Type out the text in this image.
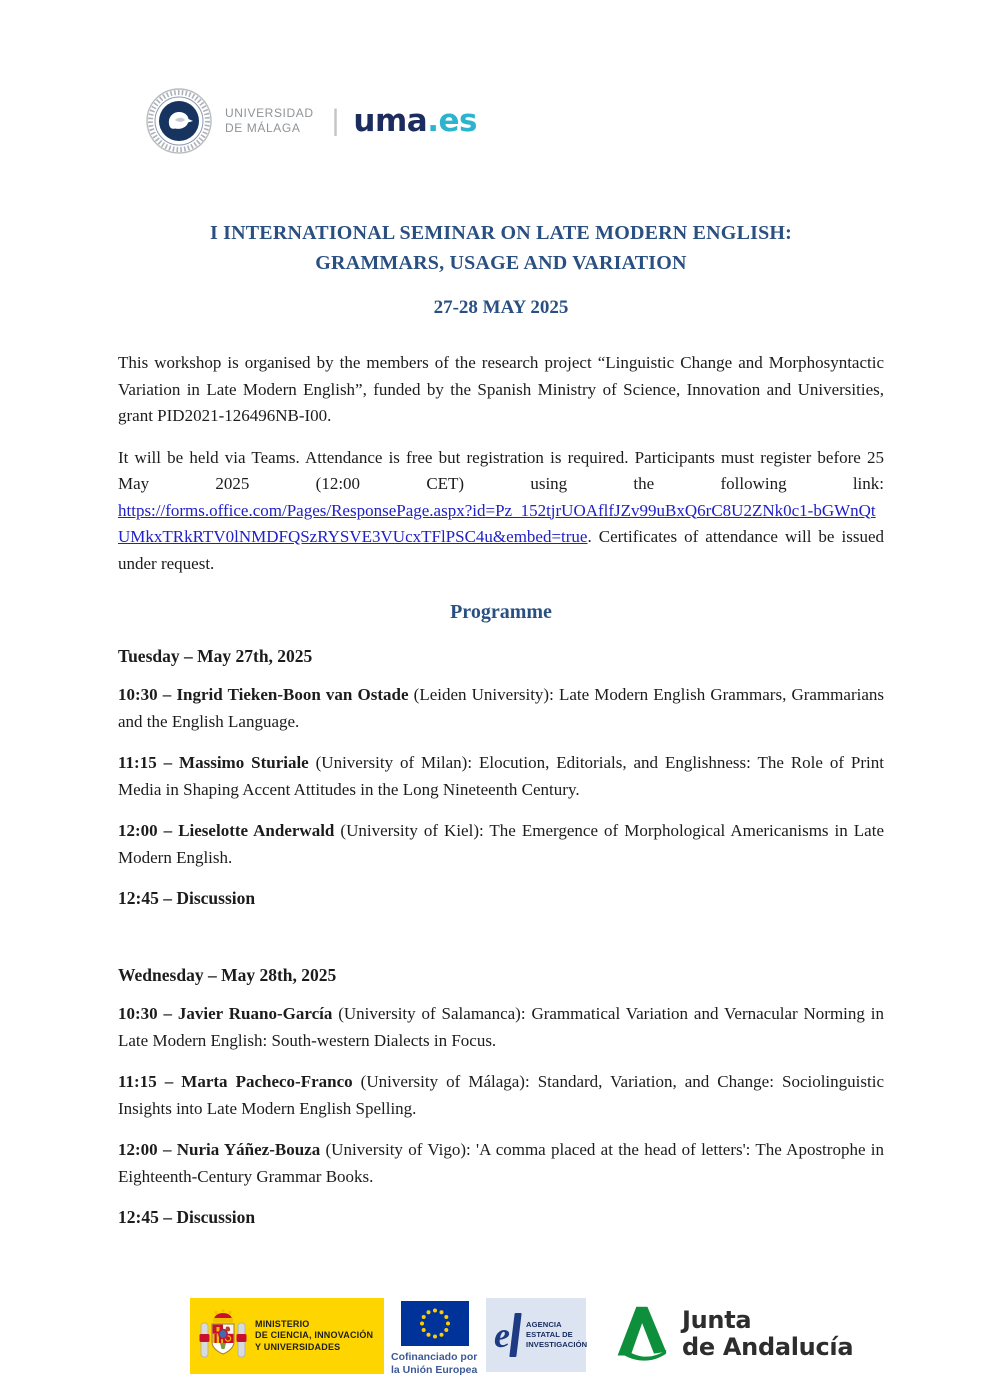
UNIVERSIDAD
DE MÁLAGA	| uma.es
I INTERNATIONAL SEMINAR ON LATE MODERN ENGLISH:
GRAMMARS, USAGE AND VARIATION
27-28 MAY 2025

This workshop is organised by the members of the research project “Linguistic Change and Morphosyntactic Variation in Late Modern English”, funded by the Spanish Ministry of Science, Innovation and Universities, grant PID2021-126496NB-I00.

It will be held via Teams. Attendance is free but registration is required. Participants must register before 25 May 2025 (12:00 CET) using the following link:

https://forms.office.com/Pages/ResponsePage.aspx?id=Pz_152tjrUOAflfJZv99uBxQ6rC8U2ZNk0c1-bGWnQtUMkxTRkRTV0lNMDFQSzRYSVE3VUcxTFlPSC4u&embed=true. Certificates of attendance will be issued under request.

Programme
Tuesday – May 27th, 2025

10:30 – Ingrid Tieken-Boon van Ostade (Leiden University): Late Modern English Grammars, Grammarians and the English Language.

11:15 – Massimo Sturiale (University of Milan): Elocution, Editorials, and Englishness: The Role of Print Media in Shaping Accent Attitudes in the Long Nineteenth Century.

12:00 – Lieselotte Anderwald (University of Kiel): The Emergence of Morphological Americanisms in Late Modern English.

12:45 – Discussion

Wednesday – May 28th, 2025

10:30 – Javier Ruano-García (University of Salamanca): Grammatical Variation and Vernacular Norming in Late Modern English: South-western Dialects in Focus.

11:15 – Marta Pacheco-Franco (University of Málaga): Standard, Variation, and Change: Sociolinguistic Insights into Late Modern English Spelling.

12:00 – Nuria Yáñez-Bouza (University of Vigo): 'A comma placed at the head of letters': The Apostrophe in Eighteenth-Century Grammar Books.

12:45 – Discussion

MINISTERIO
DE CIENCIA, INNOVACIÓN
Y UNIVERSIDADES
Cofinanciado por
la Unión Europea
e AGENCIA
ESTATAL DE
INVESTIGACIÓN
Junta
de Andalucía
